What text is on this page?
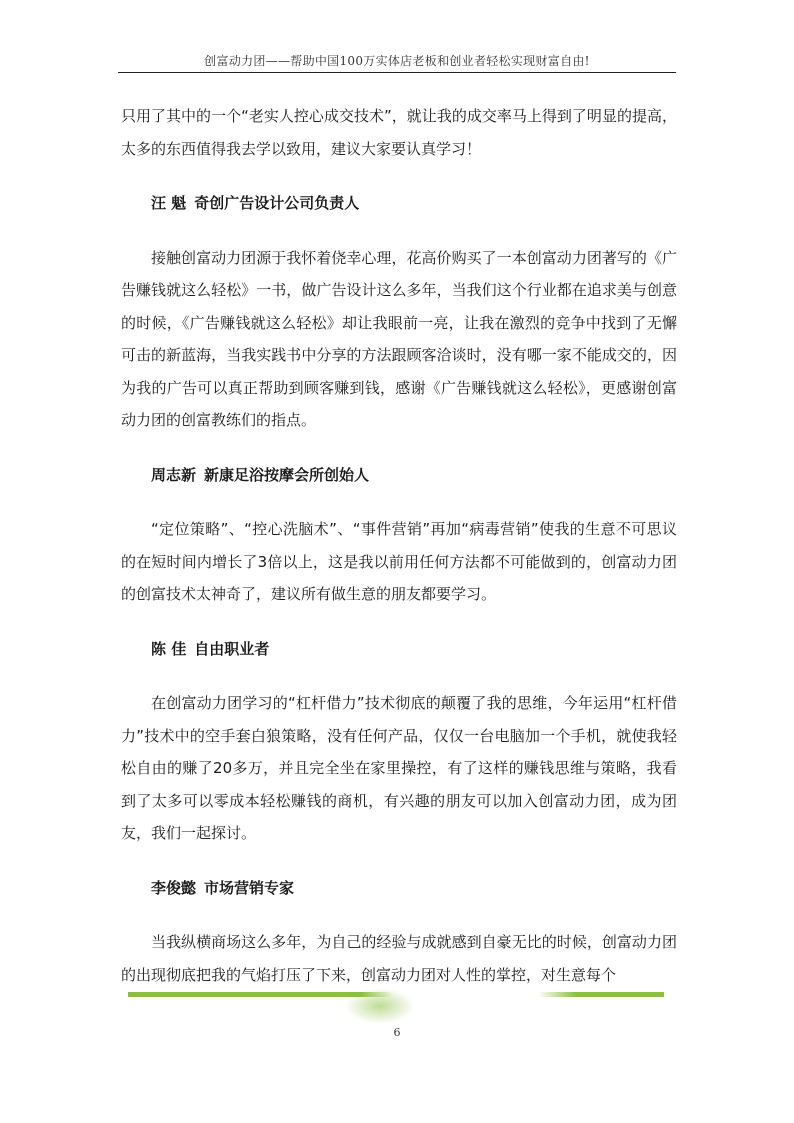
创富动力团——帮助中国100万实体店老板和创业者轻松实现财富自由!

只用了其中的一个“老实人控心成交技术”，就让我的成交率马上得到了明显的提高，太多的东西值得我去学以致用，建议大家要认真学习！

汪 魁 奇创广告设计公司负责人

接触创富动力团源于我怀着侥幸心理，花高价购买了一本创富动力团著写的《广告赚钱就这么轻松》一书，做广告设计这么多年，当我们这个行业都在追求美与创意的时候，《广告赚钱就这么轻松》却让我眼前一亮，让我在激烈的竞争中找到了无懈可击的新蓝海，当我实践书中分享的方法跟顾客洽谈时，没有哪一家不能成交的，因为我的广告可以真正帮助到顾客赚到钱，感谢《广告赚钱就这么轻松》，更感谢创富动力团的创富教练们的指点。

周志新 新康足浴按摩会所创始人

“定位策略”、“控心洗脑术”、“事件营销”再加“病毒营销”使我的生意不可思议的在短时间内增长了3倍以上，这是我以前用任何方法都不可能做到的，创富动力团的创富技术太神奇了，建议所有做生意的朋友都要学习。

陈 佳 自由职业者

在创富动力团学习的“杠杆借力”技术彻底的颠覆了我的思维，今年运用“杠杆借力”技术中的空手套白狼策略，没有任何产品，仅仅一台电脑加一个手机，就使我轻松自由的赚了20多万，并且完全坐在家里操控，有了这样的赚钱思维与策略，我看到了太多可以零成本轻松赚钱的商机，有兴趣的朋友可以加入创富动力团，成为团友，我们一起探讨。

李俊懿 市场营销专家

当我纵横商场这么多年，为自己的经验与成就感到自豪无比的时候，创富动力团的出现彻底把我的气焰打压了下来，创富动力团对人性的掌控，对生意每个

6
